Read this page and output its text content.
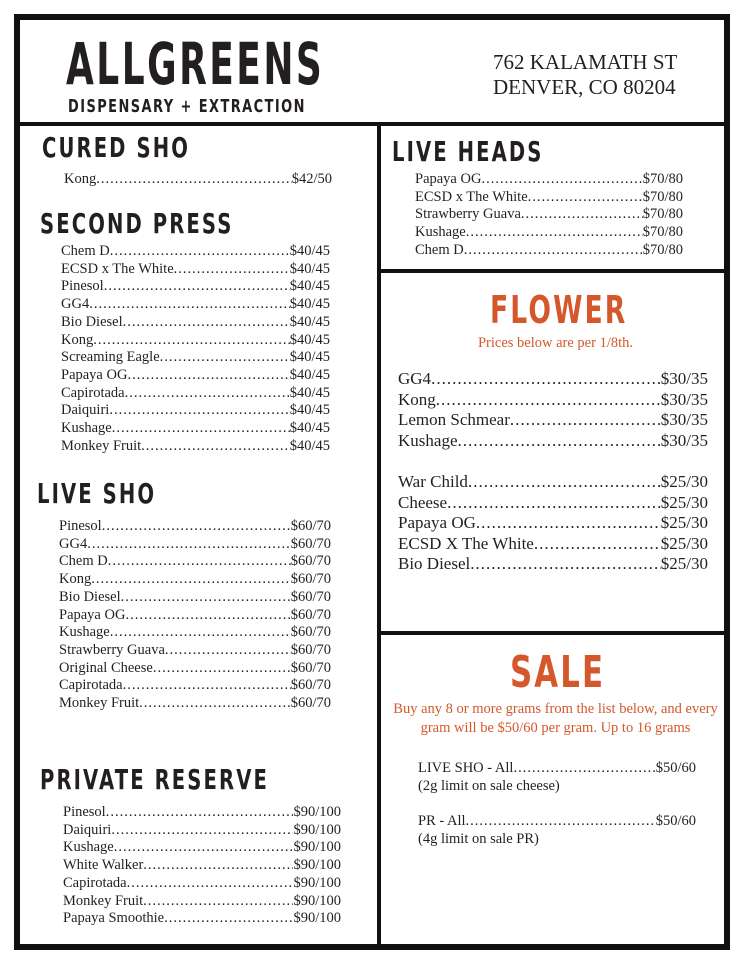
ALLGREENS
DISPENSARY + EXTRACTION
762 KALAMATH ST
DENVER, CO 80204
CURED SHO
Kong .....	$42/50
SECOND PRESS
Chem D .....	$40/45
ECSD x The White .....	$40/45
Pinesol .....	$40/45
GG4 .....	$40/45
Bio Diesel .....	$40/45
Kong .....	$40/45
Screaming Eagle .....	$40/45
Papaya OG .....	$40/45
Capirotada .....	$40/45
Daiquiri .....	$40/45
Kushage .....	$40/45
Monkey Fruit .....	$40/45
LIVE SHO
Pinesol .....	$60/70
GG4 .....	$60/70
Chem D .....	$60/70
Kong .....	$60/70
Bio Diesel .....	$60/70
Papaya OG .....	$60/70
Kushage .....	$60/70
Strawberry Guava .....	$60/70
Original Cheese .....	$60/70
Capirotada .....	$60/70
Monkey Fruit .....	$60/70
PRIVATE RESERVE
Pinesol .....	$90/100
Daiquiri .....	$90/100
Kushage .....	$90/100
White Walker .....	$90/100
Capirotada .....	$90/100
Monkey Fruit .....	$90/100
Papaya Smoothie .....	$90/100
LIVE HEADS
Papaya OG .....	$70/80
ECSD x The White .....	$70/80
Strawberry Guava .....	$70/80
Kushage .....	$70/80
Chem D .....	$70/80
FLOWER
Prices below are per 1/8th.
GG4 .....	$30/35
Kong .....	$30/35
Lemon Schmear .....	$30/35
Kushage .....	$30/35
War Child .....	$25/30
Cheese .....	$25/30
Papaya OG .....	$25/30
ECSD X The White .....	$25/30
Bio Diesel .....	$25/30
SALE
Buy any 8 or more grams from the list below, and every
gram will be $50/60 per gram. Up to 16 grams
LIVE SHO - All .....	$50/60
(2g limit on sale cheese)
PR - All .....	$50/60
(4g limit on sale PR)
